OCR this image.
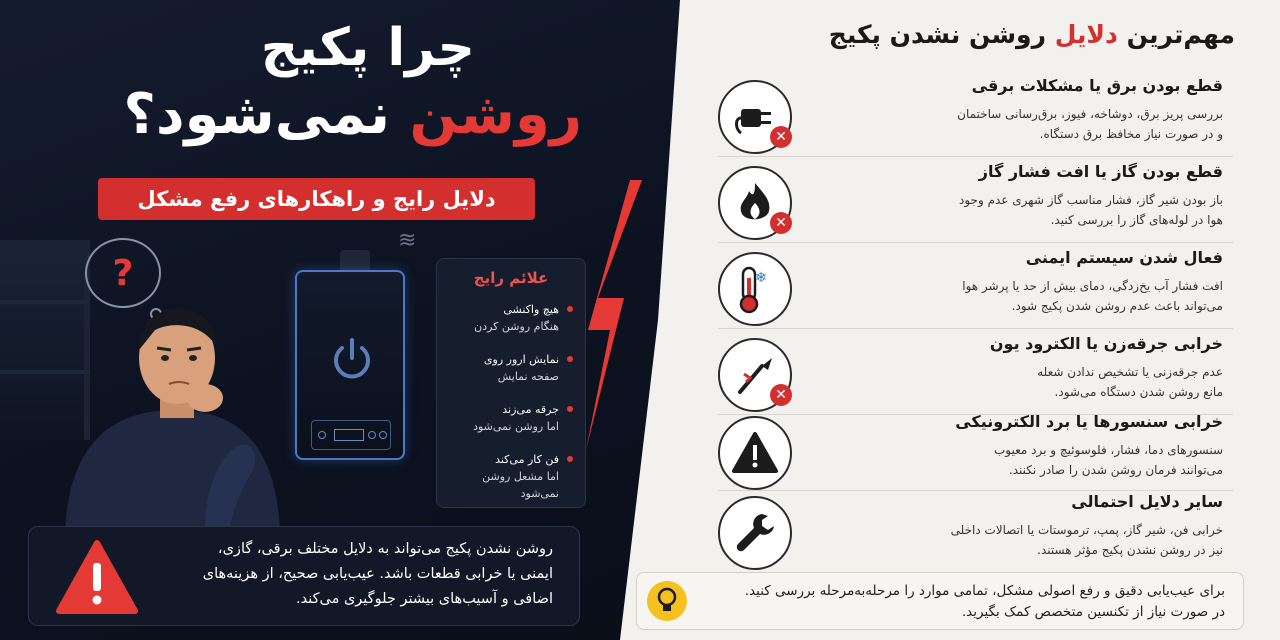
چرا پکیج
روشن نمی‌شود؟
دلایل رایج و راهکارهای رفع مشکل
?
≋
علائم رایج
هیچ واکنشی
هنگام روشن کردن
نمایش ارور روی
صفحه نمایش
جرقه می‌زند
اما روشن نمی‌شود
فن کار می‌کند
اما مشعل روشن نمی‌شود
روشن نشدن پکیج می‌تواند به دلایل مختلف برقی، گازی،
ایمنی یا خرابی قطعات باشد. عیب‌یابی صحیح، از هزینه‌های
اضافی و آسیب‌های بیشتر جلوگیری می‌کند.
مهم‌ترین دلایل روشن نشدن پکیج
✕
قطع بودن برق یا مشکلات برقی
بررسی پریز برق، دوشاخه، فیوز، برق‌رسانی ساختمان
و در صورت نیاز مخافظ برق دستگاه.
✕
قطع بودن گاز یا افت فشار گاز
باز بودن شیر گاز، فشار مناسب گاز شهری عدم وجود
هوا در لوله‌های گاز را بررسی کنید.
❄
فعال شدن سیستم ایمنی
افت فشار آب یخ‌زدگی، دمای بیش از حد یا پرشر هوا
می‌تواند باعث عدم روشن شدن پکیج شود.
✕
خرابی جرقه‌زن یا الکترود یون
عدم جرقه‌زنی یا تشخیص ندادن شعله
مانع روشن شدن دستگاه می‌شود.
خرابی سنسورها یا برد الکترونیکی
سنسورهای دما، فشار، فلوسوئیچ و برد معیوب
می‌توانند فرمان روشن شدن را صادر نکنند.
سایر دلایل احتمالی
خرابی فن، شیر گاز، پمپ، ترموستات یا اتصالات داخلی
نیز در روشن نشدن پکیج مؤثر هستند.
برای عیب‌یابی دقیق و رفع اصولی مشکل، تمامی موارد را مرحله‌به‌مرحله بررسی کنید.
در صورت نیاز از تکنسین متخصص کمک بگیرید.
